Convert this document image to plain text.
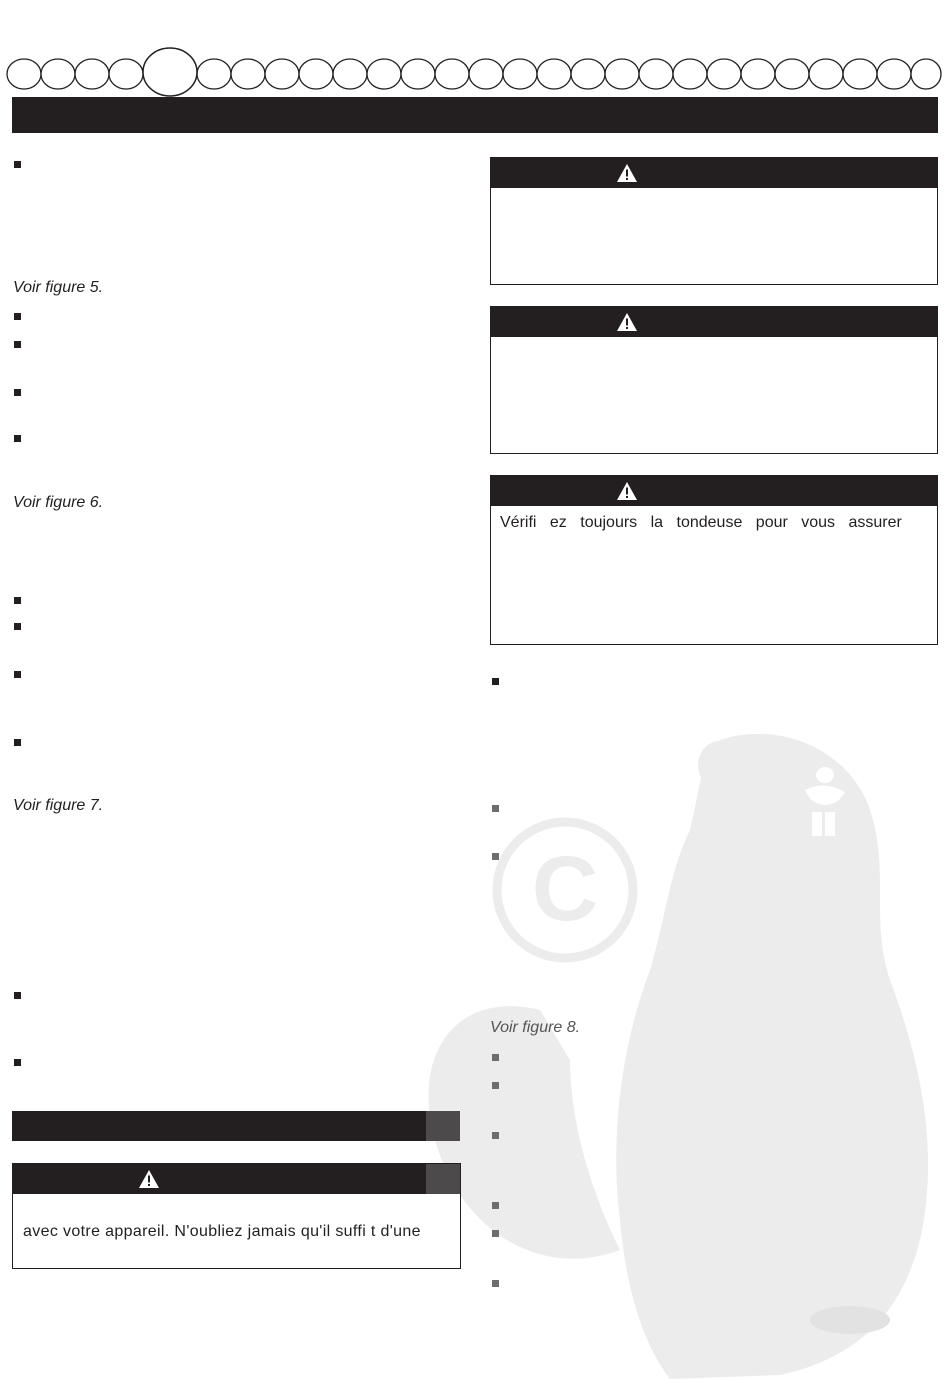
C
Voir figure 5.
Voir figure 6.
Voir figure 7.
avec votre appareil. N'oubliez jamais qu'il suffi t d'une
Vérifi ez toujours la tondeuse pour vous assurer
Voir figure 8.
